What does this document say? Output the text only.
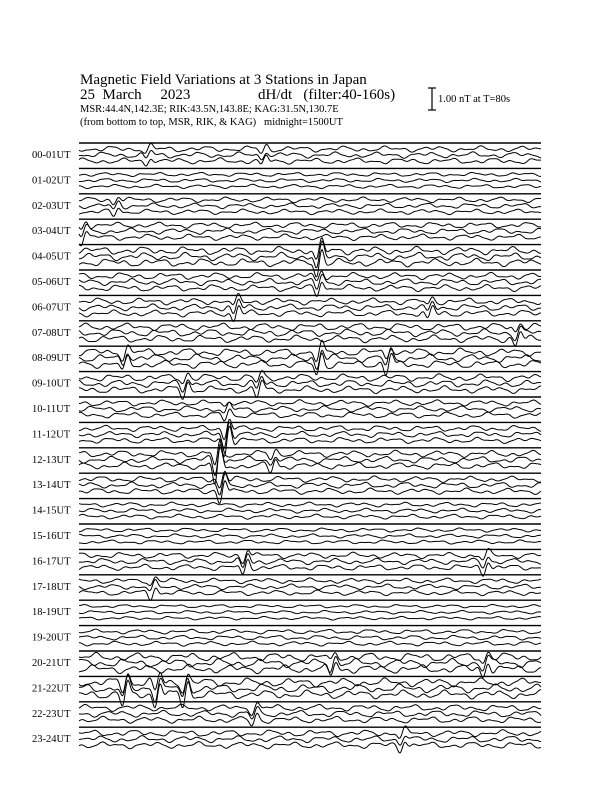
Magnetic Field Variations at 3 Stations in Japan
25 March 2023	dH/dt (filter:40-160s)
MSR:44.4N,142.3E; RIK:43.5N,143.8E; KAG:31.5N,130.7E
(from bottom to top, MSR, RIK, & KAG) midnight=1500UT
1.00 nT at T=80s
00-01UT
01-02UT
02-03UT
03-04UT
04-05UT
05-06UT
06-07UT
07-08UT
08-09UT
09-10UT
10-11UT
11-12UT
12-13UT
13-14UT
14-15UT
15-16UT
16-17UT
17-18UT
18-19UT
19-20UT
20-21UT
21-22UT
22-23UT
23-24UT
